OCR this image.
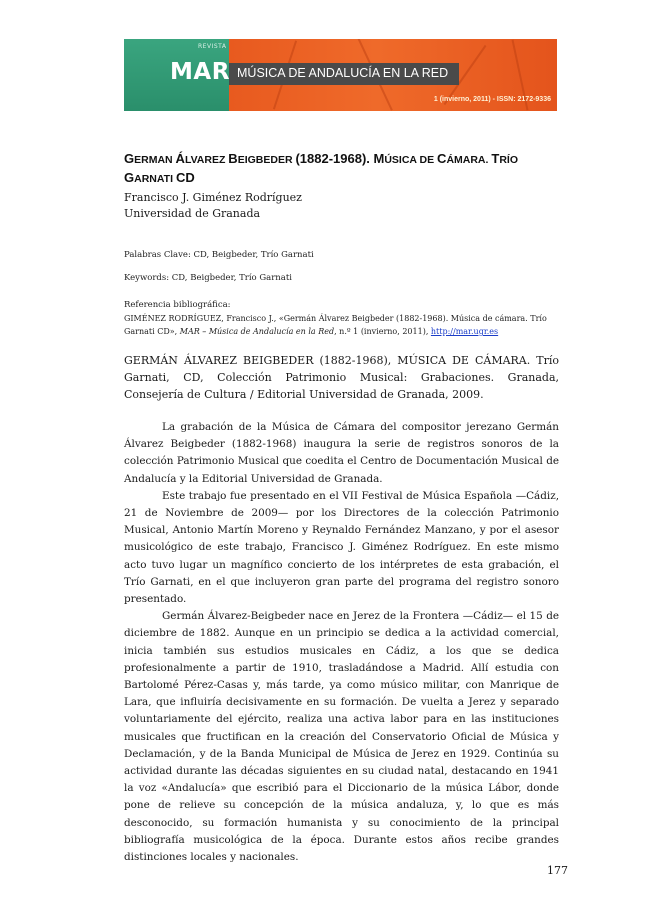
REVISTA
MAR MÚSICA DE ANDALUCÍA EN LA RED
1 (invierno, 2011) - ISSN: 2172-9336
GERMAN ÁLVAREZ BEIGBEDER (1882-1968). MÚSICA DE CÁMARA. TRÍO GARNATI CD
Francisco J. Giménez Rodríguez
Universidad de Granada
Palabras Clave: CD, Beigbeder, Trío Garnati
Keywords: CD, Beigbeder, Trío Garnati
Referencia bibliográfica:
GIMÉNEZ RODRÍGUEZ, Francisco J., «Germán Álvarez Beigbeder (1882-1968). Música de cámara. Trío Garnati CD», MAR – Música de Andalucía en la Red, n.º 1 (invierno, 2011), http://mar.ugr.es
GERMÁN ÁLVAREZ BEIGBEDER (1882-1968), MÚSICA DE CÁMARA. Trío Garnati, CD, Colección Patrimonio Musical: Grabaciones. Granada, Consejería de Cultura / Editorial Universidad de Granada, 2009.

La grabación de la Música de Cámara del compositor jerezano Germán Álvarez Beigbeder (1882-1968) inaugura la serie de registros sonoros de la colección Patrimonio Musical que coedita el Centro de Documentación Musical de Andalucía y la Editorial Universidad de Granada.

Este trabajo fue presentado en el VII Festival de Música Española —Cádiz, 21 de Noviembre de 2009— por los Directores de la colección Patrimonio Musical, Antonio Martín Moreno y Reynaldo Fernández Manzano, y por el asesor musicológico de este trabajo, Francisco J. Giménez Rodríguez. En este mismo acto tuvo lugar un magnífico concierto de los intérpretes de esta grabación, el Trío Garnati, en el que incluyeron gran parte del programa del registro sonoro presentado.

Germán Álvarez-Beigbeder nace en Jerez de la Frontera —Cádiz— el 15 de diciembre de 1882. Aunque en un principio se dedica a la actividad comercial, inicia también sus estudios musicales en Cádiz, a los que se dedica profesionalmente a partir de 1910, trasladándose a Madrid. Allí estudia con Bartolomé Pérez-Casas y, más tarde, ya como músico militar, con Manrique de Lara, que influiría decisivamente en su formación. De vuelta a Jerez y separado voluntariamente del ejército, realiza una activa labor para en las instituciones musicales que fructifican en la creación del Conservatorio Oficial de Música y Declamación, y de la Banda Municipal de Música de Jerez en 1929. Continúa su actividad durante las décadas siguientes en su ciudad natal, destacando en 1941 la voz «Andalucía» que escribió para el Diccionario de la música Lábor, donde pone de relieve su concepción de la música andaluza, y, lo que es más desconocido, su formación humanista y su conocimiento de la principal bibliografía musicológica de la época. Durante estos años recibe grandes distinciones locales y nacionales.

177
